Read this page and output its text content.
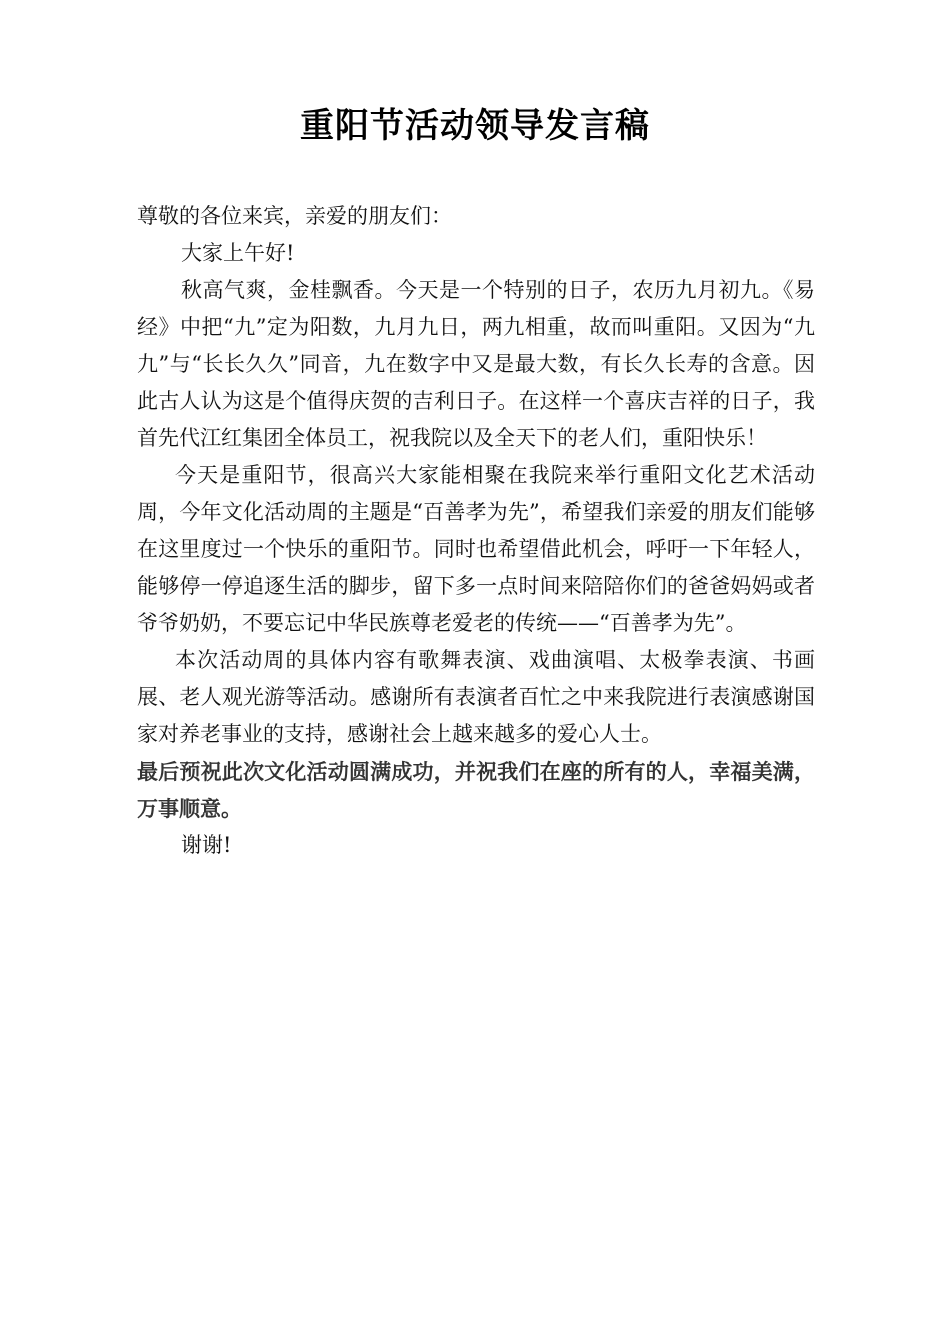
重阳节活动领导发言稿

尊敬的各位来宾，亲爱的朋友们：

大家上午好!

秋高气爽，金桂飘香。今天是一个特别的日子，农历九月初九。《易经》中把“九”定为阳数，九月九日，两九相重，故而叫重阳。又因为“九九”与“长长久久”同音，九在数字中又是最大数，有长久长寿的含意。因此古人认为这是个值得庆贺的吉利日子。在这样一个喜庆吉祥的日子，我首先代江红集团全体员工，祝我院以及全天下的老人们，重阳快乐！

今天是重阳节，很高兴大家能相聚在我院来举行重阳文化艺术活动周，今年文化活动周的主题是“百善孝为先”，希望我们亲爱的朋友们能够在这里度过一个快乐的重阳节。同时也希望借此机会，呼吁一下年轻人，能够停一停追逐生活的脚步，留下多一点时间来陪陪你们的爸爸妈妈或者爷爷奶奶，不要忘记中华民族尊老爱老的传统——“百善孝为先”。

本次活动周的具体内容有歌舞表演、戏曲演唱、太极拳表演、书画展、老人观光游等活动。感谢所有表演者百忙之中来我院进行表演感谢国家对养老事业的支持，感谢社会上越来越多的爱心人士。

最后预祝此次文化活动圆满成功，并祝我们在座的所有的人，幸福美满，万事顺意。

谢谢!
